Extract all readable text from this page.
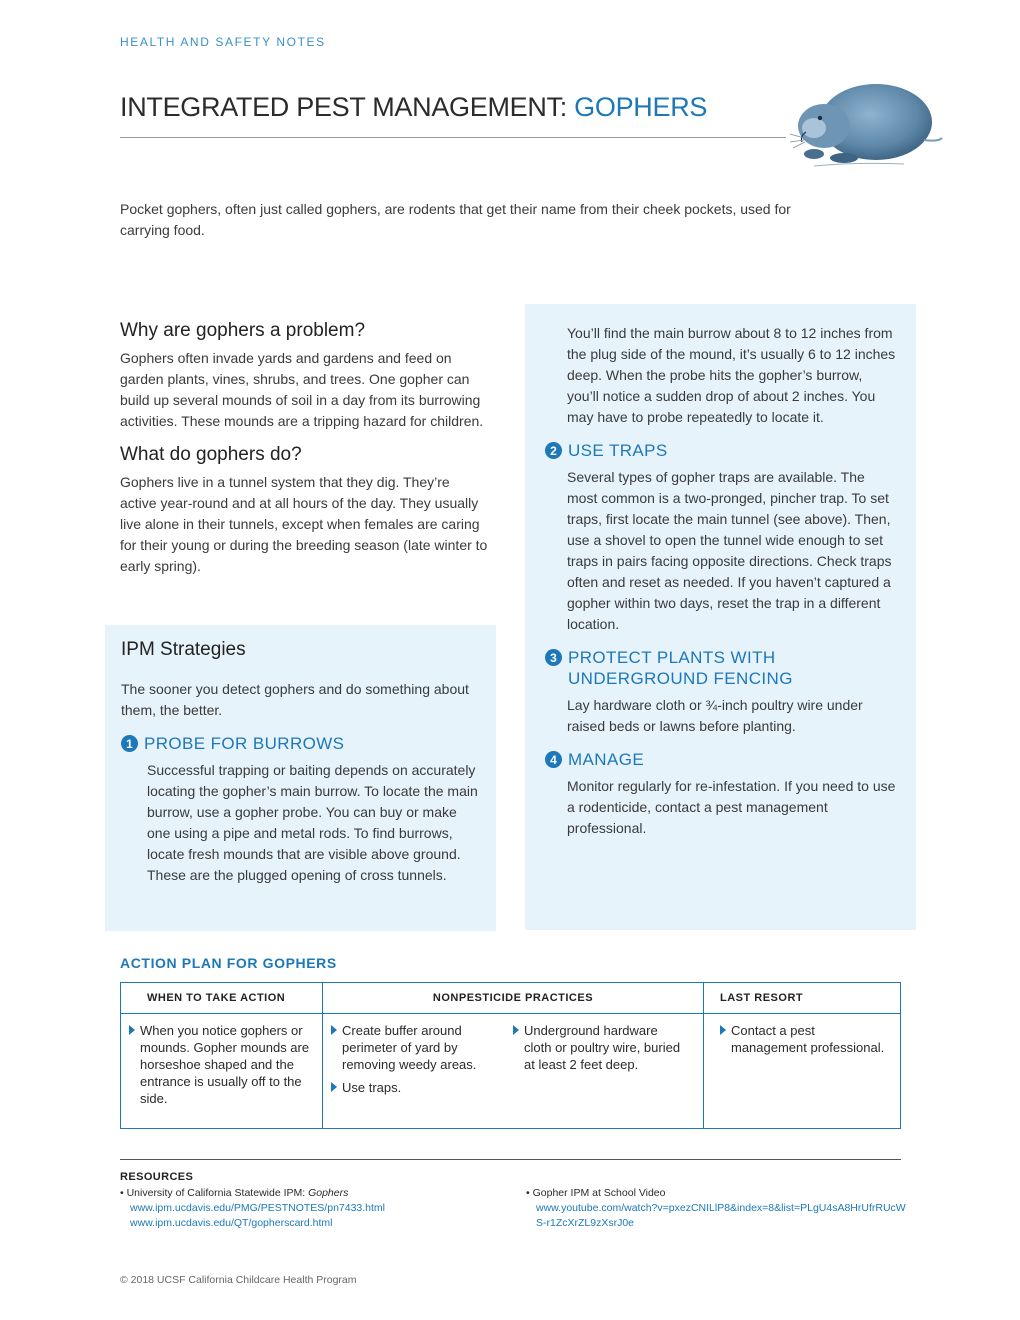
HEALTH AND SAFETY NOTES
INTEGRATED PEST MANAGEMENT: GOPHERS

Pocket gophers, often just called gophers, are rodents that get their name from their cheek pockets, used for carrying food.

Why are gophers a problem?

Gophers often invade yards and gardens and feed on garden plants, vines, shrubs, and trees. One gopher can build up several mounds of soil in a day from its burrowing activities. These mounds are a tripping hazard for children.

What do gophers do?

Gophers live in a tunnel system that they dig. They’re active year-round and at all hours of the day. They usually live alone in their tunnels, except when females are caring for their young or during the breeding season (late winter to early spring).

IPM Strategies

The sooner you detect gophers and do something about them, the better.

1 PROBE FOR BURROWS

Successful trapping or baiting depends on accurately locating the gopher’s main burrow. To locate the main burrow, use a gopher probe. You can buy or make one using a pipe and metal rods. To find burrows, locate fresh mounds that are visible above ground. These are the plugged opening of cross tunnels.

You’ll find the main burrow about 8 to 12 inches from the plug side of the mound, it’s usually 6 to 12 inches deep. When the probe hits the gopher’s burrow, you’ll notice a sudden drop of about 2 inches. You may have to probe repeatedly to locate it.

2 USE TRAPS

Several types of gopher traps are available. The most common is a two-pronged, pincher trap. To set traps, first locate the main tunnel (see above). Then, use a shovel to open the tunnel wide enough to set traps in pairs facing opposite directions. Check traps often and reset as needed. If you haven’t captured a gopher within two days, reset the trap in a different location.

3 PROTECT PLANTS WITH UNDERGROUND FENCING

Lay hardware cloth or ¾-inch poultry wire under raised beds or lawns before planting.

4 MANAGE

Monitor regularly for re-infestation. If you need to use a rodenticide, contact a pest management professional.

ACTION PLAN FOR GOPHERS
WHEN TO TAKE ACTION	NONPESTICIDE PRACTICES	LAST RESORT
When you notice gophers or mounds. Gopher mounds are horseshoe shaped and the entrance is usually off to the side.
Create buffer around perimeter of yard by removing weedy areas.
Use traps.
Underground hardware cloth or poultry wire, buried at least 2 feet deep.
Contact a pest management professional.
RESOURCES
• University of California Statewide IPM: Gophers
www.ipm.ucdavis.edu/PMG/PESTNOTES/pn7433.html
www.ipm.ucdavis.edu/QT/gopherscard.html
• Gopher IPM at School Video
www.youtube.com/watch?v=pxezCNILlP8&index=8&list=PLgU4sA8HrUfrRUcWS-r1ZcXrZL9zXsrJ0e
© 2018 UCSF California Childcare Health Program
